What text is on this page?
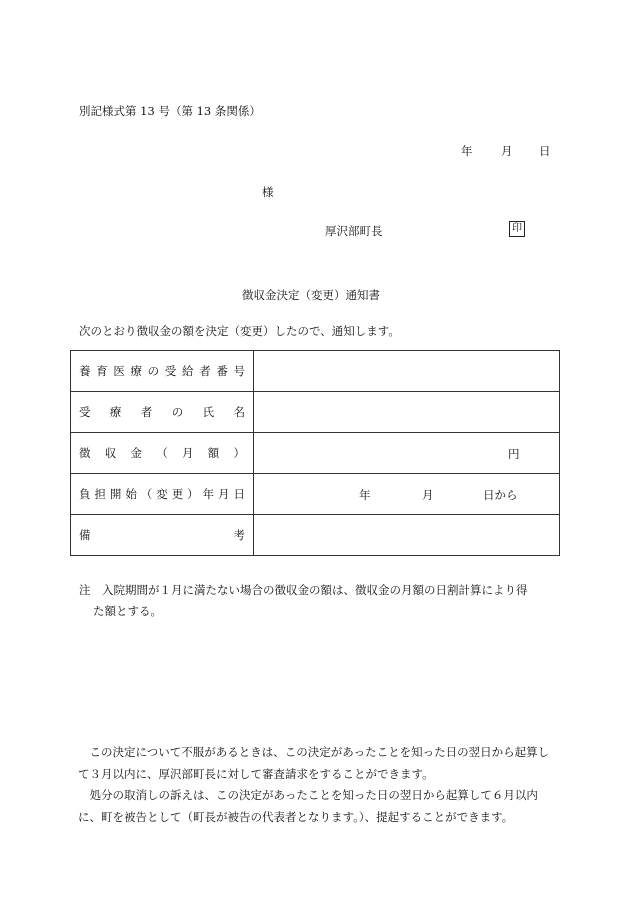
別記様式第 13 号（第 13 条関係）
年 月 日
様
厚沢部町長	印
徴収金決定（変更）通知書
次のとおり徴収金の額を決定（変更）したので、通知します。
養育医療の受給者番号	

受療者の氏名	

徴収金（月額）	円

負担開始（変更）年月日	年 月 日から

備考	
注　入院期間が１月に満たない場合の徴収金の額は、徴収金の月額の日割計算により得
た額とする。

この決定について不服があるときは、この決定があったことを知った日の翌日から起算して３月以内に、厚沢部町長に対して審査請求をすることができます。

処分の取消しの訴えは、この決定があったことを知った日の翌日から起算して６月以内に、町を被告として（町長が被告の代表者となります。）、提起することができます。
